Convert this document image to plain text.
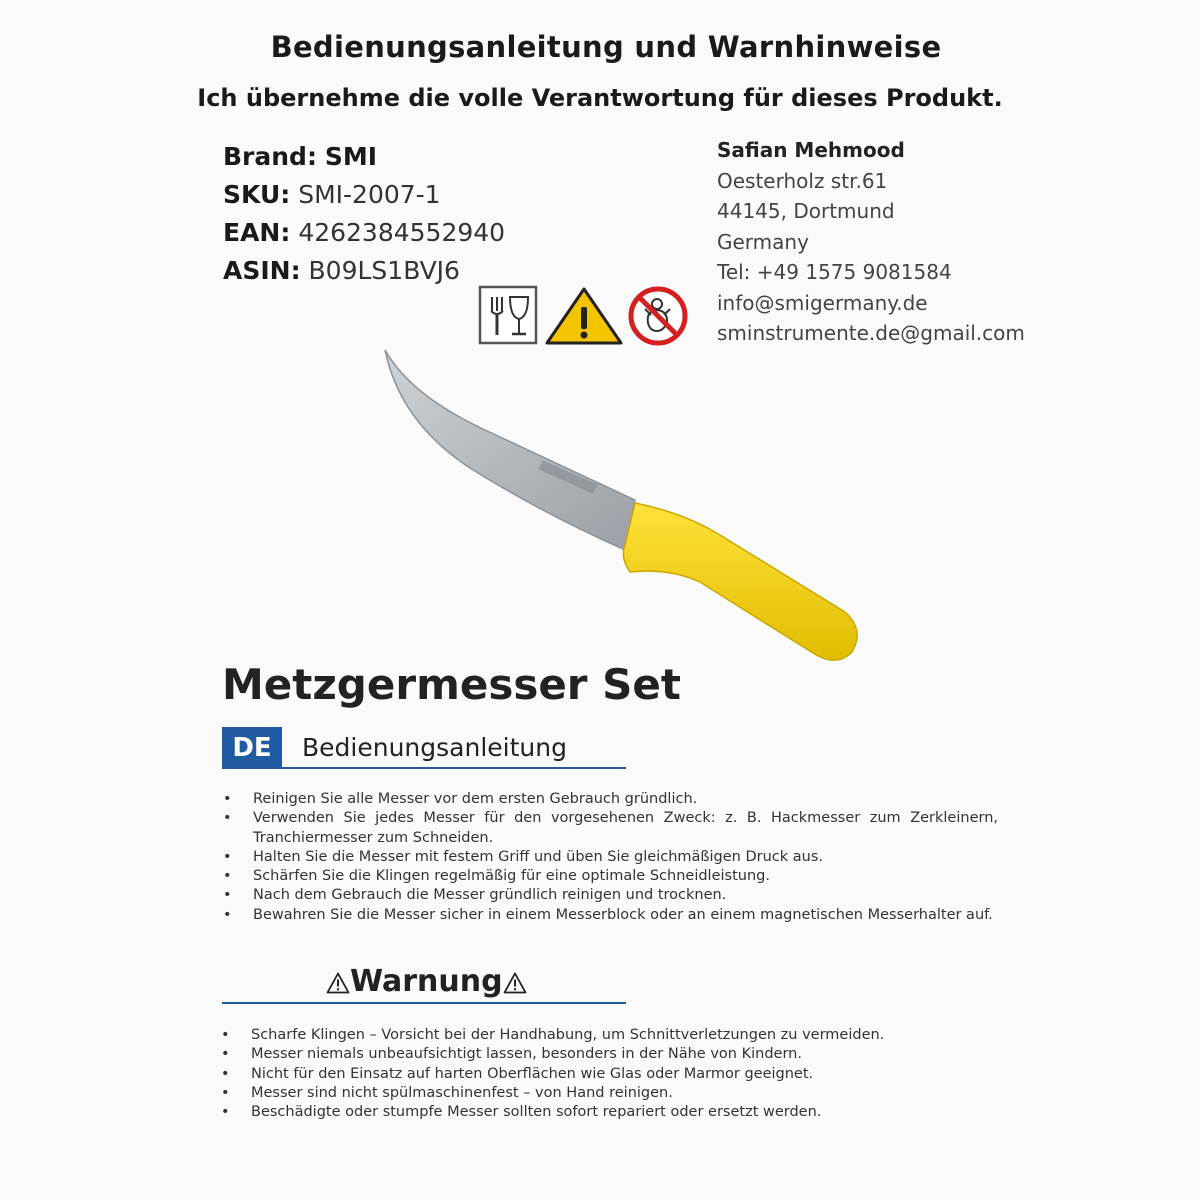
Bedienungsanleitung und Warnhinweise
Ich übernehme die volle Verantwortung für dieses Produkt.
Brand: SMI
SKU: SMI-2007-1
EAN: 4262384552940
ASIN: B09LS1BVJ6
Safian Mehmood
Oesterholz str.61
44145, Dortmund
Germany
Tel: +49 1575 9081584
info@smigermany.de
sminstrumente.de@gmail.com
Metzgermesser Set
DE	Bedienungsanleitung
• Reinigen Sie alle Messer vor dem ersten Gebrauch gründlich.
• Verwenden Sie jedes Messer für den vorgesehenen Zweck: z. B. Hackmesser zum Zerkleinern, Tranchiermesser zum Schneiden.
• Halten Sie die Messer mit festem Griff und üben Sie gleichmäßigen Druck aus.
• Schärfen Sie die Klingen regelmäßig für eine optimale Schneidleistung.
• Nach dem Gebrauch die Messer gründlich reinigen und trocknen.
• Bewahren Sie die Messer sicher in einem Messerblock oder an einem magnetischen Messerhalter auf.
Warnung
• Scharfe Klingen – Vorsicht bei der Handhabung, um Schnittverletzungen zu vermeiden.
• Messer niemals unbeaufsichtigt lassen, besonders in der Nähe von Kindern.
• Nicht für den Einsatz auf harten Oberflächen wie Glas oder Marmor geeignet.
• Messer sind nicht spülmaschinenfest – von Hand reinigen.
• Beschädigte oder stumpfe Messer sollten sofort repariert oder ersetzt werden.
